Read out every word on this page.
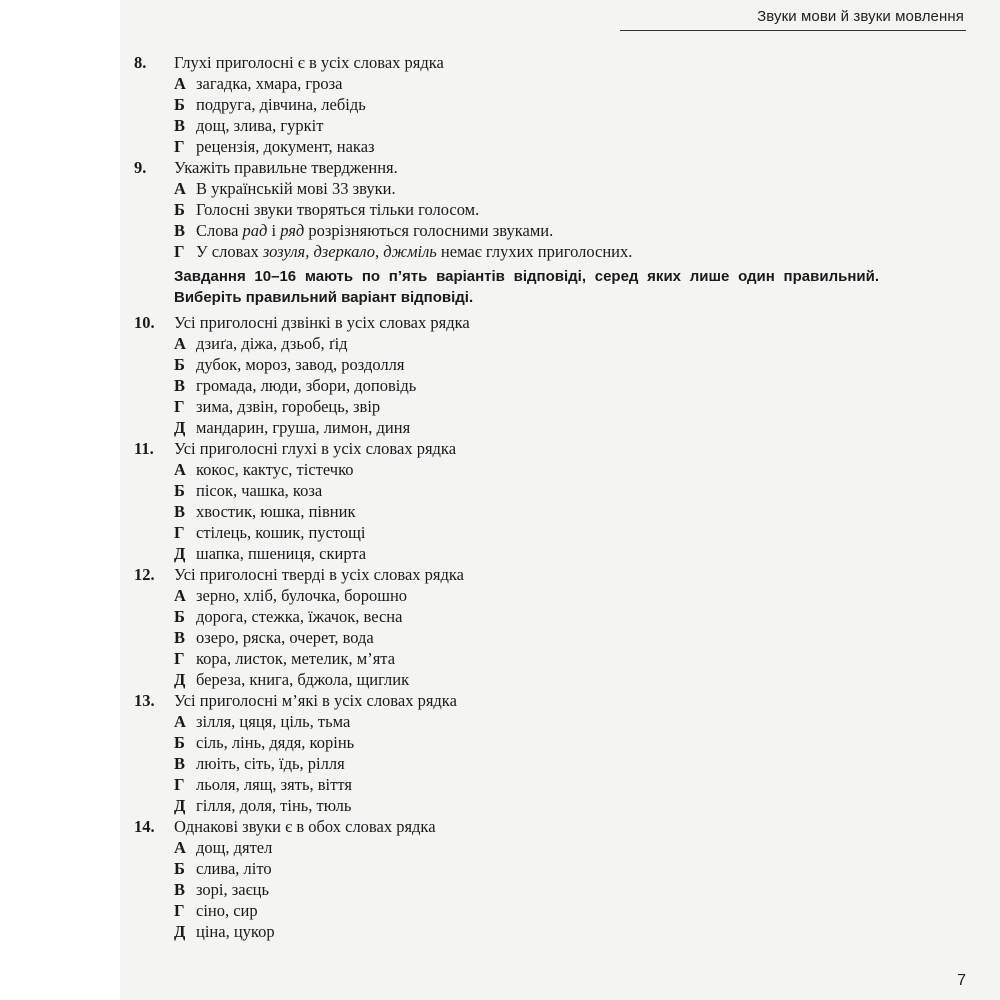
Звуки мови й звуки мовлення
8.	Глухі приголосні є в усіх словах рядка
А загадка, хмара, гроза
Б подруга, дівчина, лебідь
В дощ, злива, гуркіт
Г рецензія, документ, наказ
9.	Укажіть правильне твердження.
А В українській мові 33 звуки.
Б Голосні звуки творяться тільки голосом.
В Слова рад і ряд розрізняються голосними звуками.
Г У словах зозуля, дзеркало, джміль немає глухих приголосних.
Завдання 10–16 мають по п’ять варіантів відповіді, серед яких лише один правильний. Виберіть правильний варіант відповіді.
10.	Усі приголосні дзвінкі в усіх словах рядка
А дзиґа, діжа, дзьоб, ґід
Б дубок, мороз, завод, роздолля
В громада, люди, збори, доповідь
Г зима, дзвін, горобець, звір
Д мандарин, груша, лимон, диня
11.	Усі приголосні глухі в усіх словах рядка
А кокос, кактус, тістечко
Б пісок, чашка, коза
В хвостик, юшка, півник
Г стілець, кошик, пустощі
Д шапка, пшениця, скирта
12.	Усі приголосні тверді в усіх словах рядка
А зерно, хліб, булочка, борошно
Б дорога, стежка, їжачок, весна
В озеро, ряска, очерет, вода
Г кора, листок, метелик, м’ята
Д береза, книга, бджола, щиглик
13.	Усі приголосні м’які в усіх словах рядка
А зілля, цяця, ціль, тьма
Б сіль, лінь, дядя, корінь
В люіть, сіть, їдь, рілля
Г льоля, лящ, зять, віття
Д гілля, доля, тінь, тюль
14.	Однакові звуки є в обох словах рядка
А дощ, дятел
Б слива, літо
В зорі, заєць
Г сіно, сир
Д ціна, цукор
7
